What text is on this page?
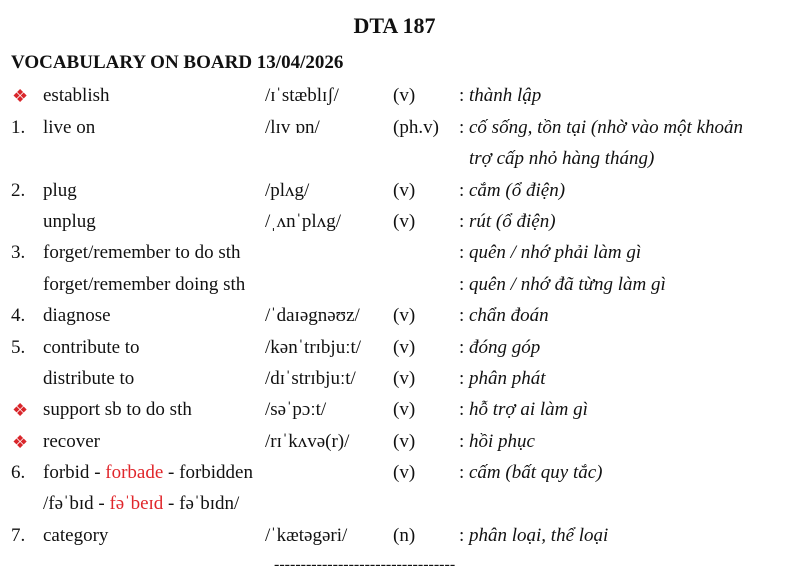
DTA 187
VOCABULARY ON BOARD 13/04/2026
❖ establish	/ɪˈstæblɪʃ/	(v) : thành lập
1. live on	/lɪv ɒn/	(ph.v) : cố sống, tồn tại (nhờ vào một khoản
trợ cấp nhỏ hàng tháng)
2. plug	/plʌg/	(v) : cắm (ổ điện)
unplug	/ˌʌnˈplʌg/	(v) : rút (ổ điện)
3. forget/remember to do sth	: quên / nhớ phải làm gì
forget/remember doing sth	: quên / nhớ đã từng làm gì
4. diagnose	/ˈdaɪəgnəʊz/ (v) : chẩn đoán
5. contribute to	/kənˈtrɪbjuːt/ (v) : đóng góp
distribute to	/dɪˈstrɪbjuːt/ (v) : phân phát
❖ support sb to do sth	/səˈpɔːt/	(v) : hỗ trợ ai làm gì
❖ recover	/rɪˈkʌvə(r)/ (v) : hồi phục
6. forbid - forbade - forbidden	(v) : cấm (bất quy tắc)
/fəˈbɪd - fəˈbeɪd - fəˈbɪdn/
7. category	/ˈkætəgəri/ (n) : phân loại, thể loại
----------------------------------
